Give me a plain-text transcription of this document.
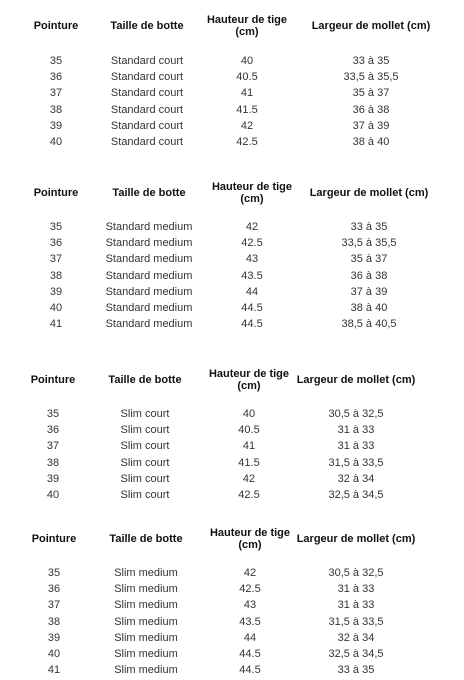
Pointure	Taille de botte	Hauteur de tige (cm)	Largeur de mollet (cm)

35	Standard court	40	33 à 35
36	Standard court	40.5	33,5 à 35,5
37	Standard court	41	35 à 37
38	Standard court	41.5	36 à 38
39	Standard court	42	37 à 39
40	Standard court	42.5	38 à 40
Pointure	Taille de botte	Hauteur de tige (cm)	Largeur de mollet (cm)

35	Standard medium	42	33 à 35
36	Standard medium	42.5	33,5 à 35,5
37	Standard medium	43	35 à 37
38	Standard medium	43.5	36 à 38
39	Standard medium	44	37 à 39
40	Standard medium	44.5	38 à 40
41	Standard medium	44.5	38,5 à 40,5
Pointure	Taille de botte	Hauteur de tige (cm)	Largeur de mollet (cm)

35	Slim court	40	30,5 à 32,5
36	Slim court	40.5	31 à 33
37	Slim court	41	31 à 33
38	Slim court	41.5	31,5 à 33,5
39	Slim court	42	32 à 34
40	Slim court	42.5	32,5 à 34,5
Pointure	Taille de botte	Hauteur de tige (cm)	Largeur de mollet (cm)

35	Slim medium	42	30,5 à 32,5
36	Slim medium	42.5	31 à 33
37	Slim medium	43	31 à 33
38	Slim medium	43.5	31,5 à 33,5
39	Slim medium	44	32 à 34
40	Slim medium	44.5	32,5 à 34,5
41	Slim medium	44.5	33 à 35
